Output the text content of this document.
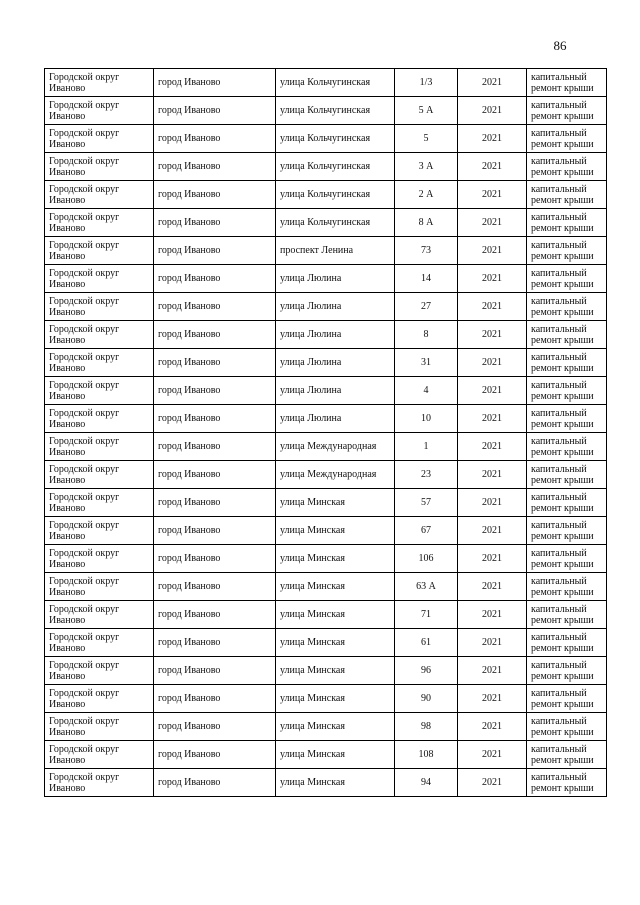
86
Городской округ Иваново	город Иваново	улица Кольчугинская	1/3	2021	капитальный ремонт крыши
Городской округ Иваново	город Иваново	улица Кольчугинская	5 А	2021	капитальный ремонт крыши
Городской округ Иваново	город Иваново	улица Кольчугинская	5	2021	капитальный ремонт крыши
Городской округ Иваново	город Иваново	улица Кольчугинская	3 А	2021	капитальный ремонт крыши
Городской округ Иваново	город Иваново	улица Кольчугинская	2 А	2021	капитальный ремонт крыши
Городской округ Иваново	город Иваново	улица Кольчугинская	8 А	2021	капитальный ремонт крыши
Городской округ Иваново	город Иваново	проспект Ленина	73	2021	капитальный ремонт крыши
Городской округ Иваново	город Иваново	улица Люлина	14	2021	капитальный ремонт крыши
Городской округ Иваново	город Иваново	улица Люлина	27	2021	капитальный ремонт крыши
Городской округ Иваново	город Иваново	улица Люлина	8	2021	капитальный ремонт крыши
Городской округ Иваново	город Иваново	улица Люлина	31	2021	капитальный ремонт крыши
Городской округ Иваново	город Иваново	улица Люлина	4	2021	капитальный ремонт крыши
Городской округ Иваново	город Иваново	улица Люлина	10	2021	капитальный ремонт крыши
Городской округ Иваново	город Иваново	улица Международная	1	2021	капитальный ремонт крыши
Городской округ Иваново	город Иваново	улица Международная	23	2021	капитальный ремонт крыши
Городской округ Иваново	город Иваново	улица Минская	57	2021	капитальный ремонт крыши
Городской округ Иваново	город Иваново	улица Минская	67	2021	капитальный ремонт крыши
Городской округ Иваново	город Иваново	улица Минская	106	2021	капитальный ремонт крыши
Городской округ Иваново	город Иваново	улица Минская	63 А	2021	капитальный ремонт крыши
Городской округ Иваново	город Иваново	улица Минская	71	2021	капитальный ремонт крыши
Городской округ Иваново	город Иваново	улица Минская	61	2021	капитальный ремонт крыши
Городской округ Иваново	город Иваново	улица Минская	96	2021	капитальный ремонт крыши
Городской округ Иваново	город Иваново	улица Минская	90	2021	капитальный ремонт крыши
Городской округ Иваново	город Иваново	улица Минская	98	2021	капитальный ремонт крыши
Городской округ Иваново	город Иваново	улица Минская	108	2021	капитальный ремонт крыши
Городской округ Иваново	город Иваново	улица Минская	94	2021	капитальный ремонт крыши
